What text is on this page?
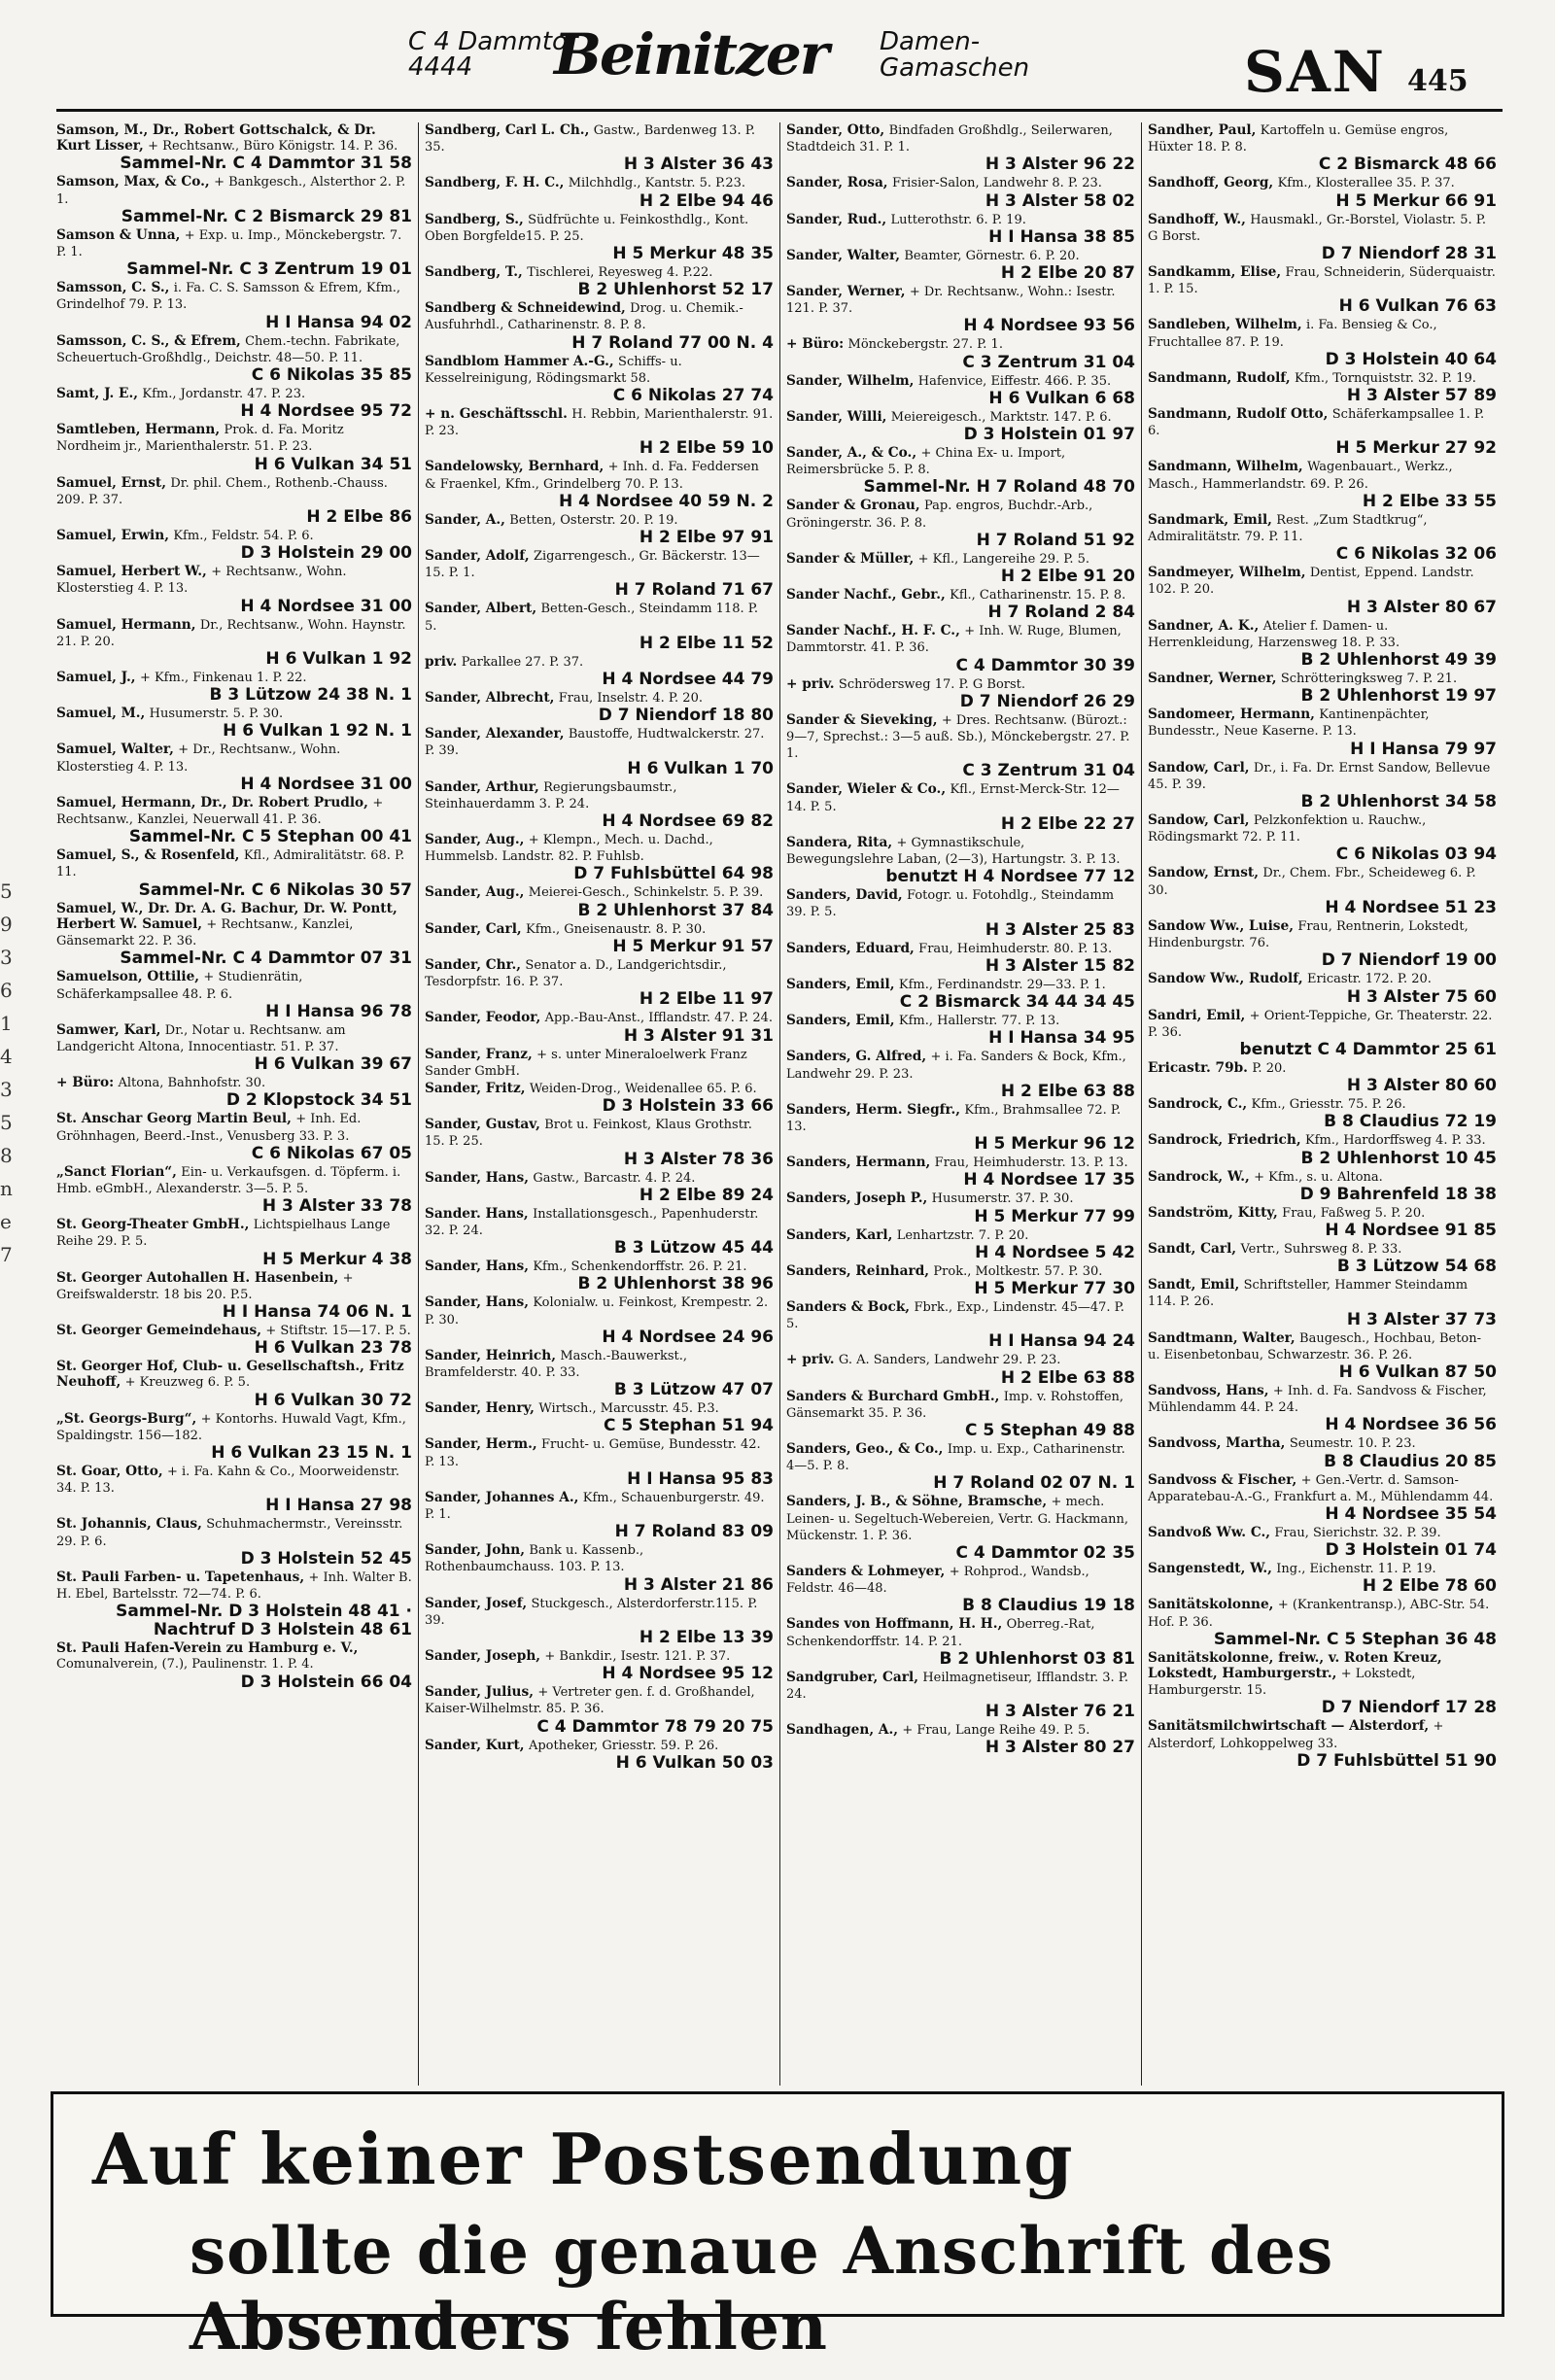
C 4 Dammtor
4444	Beinitzer Damen-
Gamaschen	SAN 445
5
9
3
6
1
4
3
5
8
n
e
7
Samson, M., Dr., Robert Gottschalck, & Dr. Kurt Lisser, + Rechtsanw., Büro Königstr. 14. P. 36.
Sammel-Nr. C 4 Dammtor 31 58
Samson, Max, & Co., + Bankgesch., Alsterthor 2. P. 1.
Sammel-Nr. C 2 Bismarck 29 81
Samson & Unna, + Exp. u. Imp., Mönckebergstr. 7. P. 1.
Sammel-Nr. C 3 Zentrum 19 01
Samsson, C. S., i. Fa. C. S. Samsson & Efrem, Kfm., Grindelhof 79. P. 13.
H I Hansa 94 02
Samsson, C. S., & Efrem, Chem.-techn. Fabrikate, Scheuertuch-Großhdlg., Deichstr. 48—50. P. 11.
C 6 Nikolas 35 85
Samt, J. E., Kfm., Jordanstr. 47. P. 23.
H 4 Nordsee 95 72
Samtleben, Hermann, Prok. d. Fa. Moritz Nordheim jr., Marienthalerstr. 51. P. 23.
H 6 Vulkan 34 51
Samuel, Ernst, Dr. phil. Chem., Rothenb.-Chauss. 209. P. 37.
H 2 Elbe 86
Samuel, Erwin, Kfm., Feldstr. 54. P. 6.
D 3 Holstein 29 00
Samuel, Herbert W., + Rechtsanw., Wohn. Klosterstieg 4. P. 13.
H 4 Nordsee 31 00
Samuel, Hermann, Dr., Rechtsanw., Wohn. Haynstr. 21. P. 20.
H 6 Vulkan 1 92
Samuel, J., + Kfm., Finkenau 1. P. 22.
B 3 Lützow 24 38 N. 1
Samuel, M., Husumerstr. 5. P. 30.
H 6 Vulkan 1 92 N. 1
Samuel, Walter, + Dr., Rechtsanw., Wohn. Klosterstieg 4. P. 13.
H 4 Nordsee 31 00
Samuel, Hermann, Dr., Dr. Robert Prudlo, + Rechtsanw., Kanzlei, Neuerwall 41. P. 36.
Sammel-Nr. C 5 Stephan 00 41
Samuel, S., & Rosenfeld, Kfl., Admiralitätstr. 68. P. 11.
Sammel-Nr. C 6 Nikolas 30 57
Samuel, W., Dr. Dr. A. G. Bachur, Dr. W. Pontt, Herbert W. Samuel, + Rechtsanw., Kanzlei, Gänsemarkt 22. P. 36.
Sammel-Nr. C 4 Dammtor 07 31
Samuelson, Ottilie, + Studienrätin, Schäferkampsallee 48. P. 6.
H I Hansa 96 78
Samwer, Karl, Dr., Notar u. Rechtsanw. am Landgericht Altona, Innocentiastr. 51. P. 37.
H 6 Vulkan 39 67
+ Büro: Altona, Bahnhofstr. 30.
D 2 Klopstock 34 51
St. Anschar Georg Martin Beul, + Inh. Ed. Gröhnhagen, Beerd.-Inst., Venusberg 33. P. 3.
C 6 Nikolas 67 05
„Sanct Florian“, Ein- u. Verkaufsgen. d. Töpferm. i. Hmb. eGmbH., Alexanderstr. 3—5. P. 5.
H 3 Alster 33 78
St. Georg-Theater GmbH., Lichtspielhaus Lange Reihe 29. P. 5.
H 5 Merkur 4 38
St. Georger Autohallen H. Hasenbein, + Greifswalderstr. 18 bis 20. P.5.
H I Hansa 74 06 N. 1
St. Georger Gemeindehaus, + Stiftstr. 15—17. P. 5.
H 6 Vulkan 23 78
St. Georger Hof, Club- u. Gesellschaftsh., Fritz Neuhoff, + Kreuzweg 6. P. 5.
H 6 Vulkan 30 72
„St. Georgs-Burg“, + Kontorhs. Huwald Vagt, Kfm., Spaldingstr. 156—182.
H 6 Vulkan 23 15 N. 1
St. Goar, Otto, + i. Fa. Kahn & Co., Moorweidenstr. 34. P. 13.
H I Hansa 27 98
St. Johannis, Claus, Schuhmachermstr., Vereinsstr. 29. P. 6.
D 3 Holstein 52 45
St. Pauli Farben- u. Tapetenhaus, + Inh. Walter B. H. Ebel, Bartelsstr. 72—74. P. 6.
Sammel-Nr. D 3 Holstein 48 41 · Nachtruf D 3 Holstein 48 61
St. Pauli Hafen-Verein zu Hamburg e. V., Comunalverein, (7.), Paulinenstr. 1. P. 4.
D 3 Holstein 66 04
Sandberg, Carl L. Ch., Gastw., Bardenweg 13. P. 35.
H 3 Alster 36 43
Sandberg, F. H. C., Milchhdlg., Kantstr. 5. P.23.
H 2 Elbe 94 46
Sandberg, S., Südfrüchte u. Feinkosthdlg., Kont. Oben Borgfelde15. P. 25.
H 5 Merkur 48 35
Sandberg, T., Tischlerei, Reyesweg 4. P.22.
B 2 Uhlenhorst 52 17
Sandberg & Schneidewind, Drog. u. Chemik.-Ausfuhrhdl., Catharinenstr. 8. P. 8.
H 7 Roland 77 00 N. 4
Sandblom Hammer A.-G., Schiffs- u. Kesselreinigung, Rödingsmarkt 58.
C 6 Nikolas 27 74
+ n. Geschäftsschl. H. Rebbin, Marienthalerstr. 91. P. 23.
H 2 Elbe 59 10
Sandelowsky, Bernhard, + Inh. d. Fa. Feddersen & Fraenkel, Kfm., Grindelberg 70. P. 13.
H 4 Nordsee 40 59 N. 2
Sander, A., Betten, Osterstr. 20. P. 19.
H 2 Elbe 97 91
Sander, Adolf, Zigarrengesch., Gr. Bäckerstr. 13—15. P. 1.
H 7 Roland 71 67
Sander, Albert, Betten-Gesch., Steindamm 118. P. 5.
H 2 Elbe 11 52
priv. Parkallee 27. P. 37.
H 4 Nordsee 44 79
Sander, Albrecht, Frau, Inselstr. 4. P. 20.
D 7 Niendorf 18 80
Sander, Alexander, Baustoffe, Hudtwalckerstr. 27. P. 39.
H 6 Vulkan 1 70
Sander, Arthur, Regierungsbaumstr., Steinhauerdamm 3. P. 24.
H 4 Nordsee 69 82
Sander, Aug., + Klempn., Mech. u. Dachd., Hummelsb. Landstr. 82. P. Fuhlsb.
D 7 Fuhlsbüttel 64 98
Sander, Aug., Meierei-Gesch., Schinkelstr. 5. P. 39.
B 2 Uhlenhorst 37 84
Sander, Carl, Kfm., Gneisenaustr. 8. P. 30.
H 5 Merkur 91 57
Sander, Chr., Senator a. D., Landgerichtsdir., Tesdorpfstr. 16. P. 37.
H 2 Elbe 11 97
Sander, Feodor, App.-Bau-Anst., Ifflandstr. 47. P. 24.
H 3 Alster 91 31
Sander, Franz, + s. unter Mineraloelwerk Franz Sander GmbH.
Sander, Fritz, Weiden-Drog., Weidenallee 65. P. 6.
D 3 Holstein 33 66
Sander, Gustav, Brot u. Feinkost, Klaus Grothstr. 15. P. 25.
H 3 Alster 78 36
Sander, Hans, Gastw., Barcastr. 4. P. 24.
H 2 Elbe 89 24
Sander. Hans, Installationsgesch., Papenhuderstr. 32. P. 24.
B 3 Lützow 45 44
Sander, Hans, Kfm., Schenkendorffstr. 26. P. 21.
B 2 Uhlenhorst 38 96
Sander, Hans, Kolonialw. u. Feinkost, Krempestr. 2. P. 30.
H 4 Nordsee 24 96
Sander, Heinrich, Masch.-Bauwerkst., Bramfelderstr. 40. P. 33.
B 3 Lützow 47 07
Sander, Henry, Wirtsch., Marcusstr. 45. P.3.
C 5 Stephan 51 94
Sander, Herm., Frucht- u. Gemüse, Bundesstr. 42. P. 13.
H I Hansa 95 83
Sander, Johannes A., Kfm., Schauenburgerstr. 49. P. 1.
H 7 Roland 83 09
Sander, John, Bank u. Kassenb., Rothenbaumchauss. 103. P. 13.
H 3 Alster 21 86
Sander, Josef, Stuckgesch., Alsterdorferstr.115. P. 39.
H 2 Elbe 13 39
Sander, Joseph, + Bankdir., Isestr. 121. P. 37.
H 4 Nordsee 95 12
Sander, Julius, + Vertreter gen. f. d. Großhandel, Kaiser-Wilhelmstr. 85. P. 36.
C 4 Dammtor 78 79 20 75
Sander, Kurt, Apotheker, Griesstr. 59. P. 26.
H 6 Vulkan 50 03
Sander, Otto, Bindfaden Großhdlg., Seilerwaren, Stadtdeich 31. P. 1.
H 3 Alster 96 22
Sander, Rosa, Frisier-Salon, Landwehr 8. P. 23.
H 3 Alster 58 02
Sander, Rud., Lutterothstr. 6. P. 19.
H I Hansa 38 85
Sander, Walter, Beamter, Görnestr. 6. P. 20.
H 2 Elbe 20 87
Sander, Werner, + Dr. Rechtsanw., Wohn.: Isestr. 121. P. 37.
H 4 Nordsee 93 56
+ Büro: Mönckebergstr. 27. P. 1.
C 3 Zentrum 31 04
Sander, Wilhelm, Hafenvice, Eiffestr. 466. P. 35.
H 6 Vulkan 6 68
Sander, Willi, Meiereigesch., Marktstr. 147. P. 6.
D 3 Holstein 01 97
Sander, A., & Co., + China Ex- u. Import, Reimersbrücke 5. P. 8.
Sammel-Nr. H 7 Roland 48 70
Sander & Gronau, Pap. engros, Buchdr.-Arb., Gröningerstr. 36. P. 8.
H 7 Roland 51 92
Sander & Müller, + Kfl., Langereihe 29. P. 5.
H 2 Elbe 91 20
Sander Nachf., Gebr., Kfl., Catharinenstr. 15. P. 8.
H 7 Roland 2 84
Sander Nachf., H. F. C., + Inh. W. Ruge, Blumen, Dammtorstr. 41. P. 36.
C 4 Dammtor 30 39
+ priv. Schrödersweg 17. P. G Borst.
D 7 Niendorf 26 29
Sander & Sieveking, + Dres. Rechtsanw. (Bürozt.: 9—7, Sprechst.: 3—5 auß. Sb.), Mönckebergstr. 27. P. 1.
C 3 Zentrum 31 04
Sander, Wieler & Co., Kfl., Ernst-Merck-Str. 12—14. P. 5.
H 2 Elbe 22 27
Sandera, Rita, + Gymnastikschule, Bewegungslehre Laban, (2—3), Hartungstr. 3. P. 13.
benutzt H 4 Nordsee 77 12
Sanders, David, Fotogr. u. Fotohdlg., Steindamm 39. P. 5.
H 3 Alster 25 83
Sanders, Eduard, Frau, Heimhuderstr. 80. P. 13.
H 3 Alster 15 82
Sanders, Emil, Kfm., Ferdinandstr. 29—33. P. 1.
C 2 Bismarck 34 44 34 45
Sanders, Emil, Kfm., Hallerstr. 77. P. 13.
H I Hansa 34 95
Sanders, G. Alfred, + i. Fa. Sanders & Bock, Kfm., Landwehr 29. P. 23.
H 2 Elbe 63 88
Sanders, Herm. Siegfr., Kfm., Brahmsallee 72. P. 13.
H 5 Merkur 96 12
Sanders, Hermann, Frau, Heimhuderstr. 13. P. 13.
H 4 Nordsee 17 35
Sanders, Joseph P., Husumerstr. 37. P. 30.
H 5 Merkur 77 99
Sanders, Karl, Lenhartzstr. 7. P. 20.
H 4 Nordsee 5 42
Sanders, Reinhard, Prok., Moltkestr. 57. P. 30.
H 5 Merkur 77 30
Sanders & Bock, Fbrk., Exp., Lindenstr. 45—47. P. 5.
H I Hansa 94 24
+ priv. G. A. Sanders, Landwehr 29. P. 23.
H 2 Elbe 63 88
Sanders & Burchard GmbH., Imp. v. Rohstoffen, Gänsemarkt 35. P. 36.
C 5 Stephan 49 88
Sanders, Geo., & Co., Imp. u. Exp., Catharinenstr. 4—5. P. 8.
H 7 Roland 02 07 N. 1
Sanders, J. B., & Söhne, Bramsche, + mech. Leinen- u. Segeltuch-Webereien, Vertr. G. Hackmann, Mückenstr. 1. P. 36.
C 4 Dammtor 02 35
Sanders & Lohmeyer, + Rohprod., Wandsb., Feldstr. 46—48.
B 8 Claudius 19 18
Sandes von Hoffmann, H. H., Oberreg.-Rat, Schenkendorffstr. 14. P. 21.
B 2 Uhlenhorst 03 81
Sandgruber, Carl, Heilmagnetiseur, Ifflandstr. 3. P. 24.
H 3 Alster 76 21
Sandhagen, A., + Frau, Lange Reihe 49. P. 5.
H 3 Alster 80 27
Sandher, Paul, Kartoffeln u. Gemüse engros, Hüxter 18. P. 8.
C 2 Bismarck 48 66
Sandhoff, Georg, Kfm., Klosterallee 35. P. 37.
H 5 Merkur 66 91
Sandhoff, W., Hausmakl., Gr.-Borstel, Violastr. 5. P. G Borst.
D 7 Niendorf 28 31
Sandkamm, Elise, Frau, Schneiderin, Süderquaistr. 1. P. 15.
H 6 Vulkan 76 63
Sandleben, Wilhelm, i. Fa. Bensieg & Co., Fruchtallee 87. P. 19.
D 3 Holstein 40 64
Sandmann, Rudolf, Kfm., Tornquiststr. 32. P. 19.
H 3 Alster 57 89
Sandmann, Rudolf Otto, Schäferkampsallee 1. P. 6.
H 5 Merkur 27 92
Sandmann, Wilhelm, Wagenbauart., Werkz., Masch., Hammerlandstr. 69. P. 26.
H 2 Elbe 33 55
Sandmark, Emil, Rest. „Zum Stadtkrug“, Admiralitätstr. 79. P. 11.
C 6 Nikolas 32 06
Sandmeyer, Wilhelm, Dentist, Eppend. Landstr. 102. P. 20.
H 3 Alster 80 67
Sandner, A. K., Atelier f. Damen- u. Herrenkleidung, Harzensweg 18. P. 33.
B 2 Uhlenhorst 49 39
Sandner, Werner, Schrötteringksweg 7. P. 21.
B 2 Uhlenhorst 19 97
Sandomeer, Hermann, Kantinenpächter, Bundesstr., Neue Kaserne. P. 13.
H I Hansa 79 97
Sandow, Carl, Dr., i. Fa. Dr. Ernst Sandow, Bellevue 45. P. 39.
B 2 Uhlenhorst 34 58
Sandow, Carl, Pelzkonfektion u. Rauchw., Rödingsmarkt 72. P. 11.
C 6 Nikolas 03 94
Sandow, Ernst, Dr., Chem. Fbr., Scheideweg 6. P. 30.
H 4 Nordsee 51 23
Sandow Ww., Luise, Frau, Rentnerin, Lokstedt, Hindenburgstr. 76.
D 7 Niendorf 19 00
Sandow Ww., Rudolf, Ericastr. 172. P. 20.
H 3 Alster 75 60
Sandri, Emil, + Orient-Teppiche, Gr. Theaterstr. 22. P. 36.
benutzt C 4 Dammtor 25 61
Ericastr. 79b. P. 20.
H 3 Alster 80 60
Sandrock, C., Kfm., Griesstr. 75. P. 26.
B 8 Claudius 72 19
Sandrock, Friedrich, Kfm., Hardorffsweg 4. P. 33.
B 2 Uhlenhorst 10 45
Sandrock, W., + Kfm., s. u. Altona.
D 9 Bahrenfeld 18 38
Sandström, Kitty, Frau, Faßweg 5. P. 20.
H 4 Nordsee 91 85
Sandt, Carl, Vertr., Suhrsweg 8. P. 33.
B 3 Lützow 54 68
Sandt, Emil, Schriftsteller, Hammer Steindamm 114. P. 26.
H 3 Alster 37 73
Sandtmann, Walter, Baugesch., Hochbau, Beton- u. Eisenbetonbau, Schwarzestr. 36. P. 26.
H 6 Vulkan 87 50
Sandvoss, Hans, + Inh. d. Fa. Sandvoss & Fischer, Mühlendamm 44. P. 24.
H 4 Nordsee 36 56
Sandvoss, Martha, Seumestr. 10. P. 23.
B 8 Claudius 20 85
Sandvoss & Fischer, + Gen.-Vertr. d. Samson-Apparatebau-A.-G., Frankfurt a. M., Mühlendamm 44.
H 4 Nordsee 35 54
Sandvoß Ww. C., Frau, Sierichstr. 32. P. 39.
D 3 Holstein 01 74
Sangenstedt, W., Ing., Eichenstr. 11. P. 19.
H 2 Elbe 78 60
Sanitätskolonne, + (Krankentransp.), ABC-Str. 54. Hof. P. 36.
Sammel-Nr. C 5 Stephan 36 48
Sanitätskolonne, freiw., v. Roten Kreuz, Lokstedt, Hamburgerstr., + Lokstedt, Hamburgerstr. 15.
D 7 Niendorf 17 28
Sanitätsmilchwirtschaft — Alsterdorf, + Alsterdorf, Lohkoppelweg 33.
D 7 Fuhlsbüttel 51 90
Auf keiner Postsendung
sollte die genaue Anschrift des Absenders fehlen
